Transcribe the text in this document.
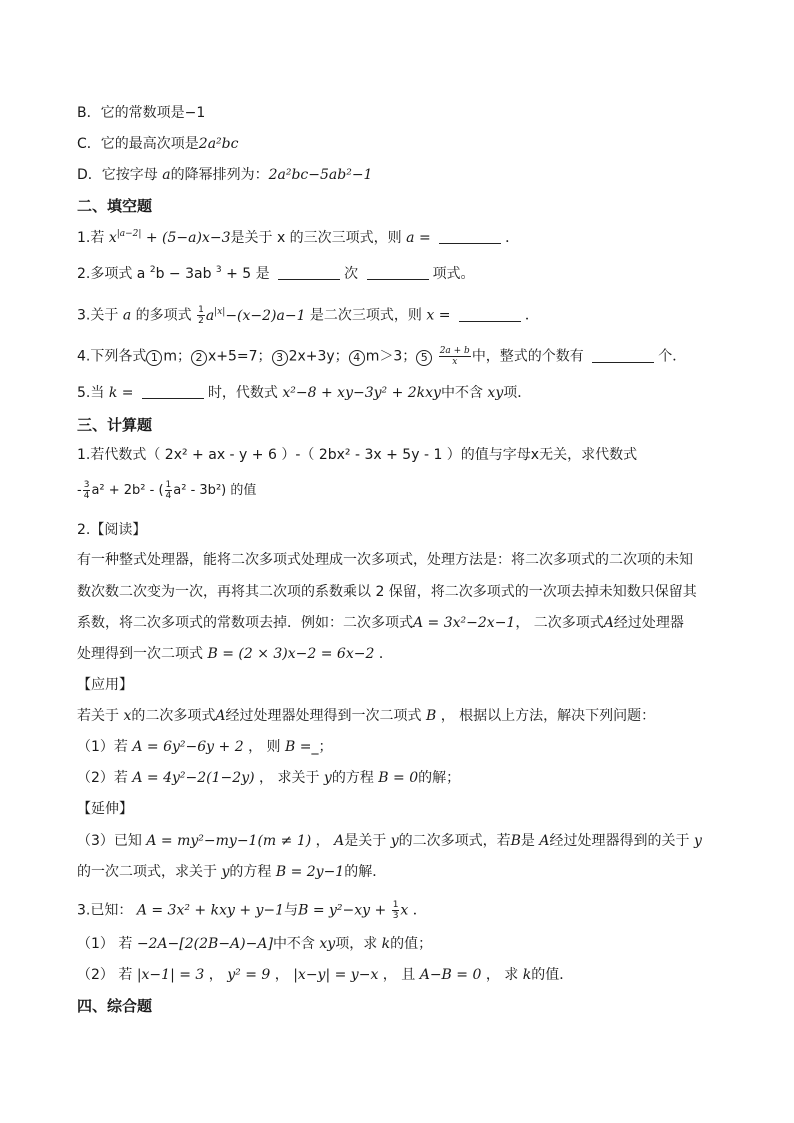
B．它的常数项是−1
C．它的最高次项是2a²bc
D．它按字母 a的降幂排列为：2a²bc−5ab²−1
二、填空题
1.若 $x^{|a-2|} + (5-a)x-3$是关于 x 的三次三项式，则 a =	．
2.多项式 a $^2$b − 3ab $^3$ + 5 是	次	项式。
3.关于 a 的多项式 $\frac{1}{2} a^{|x|}-(x-2)a-1$ 是二次三项式，则 x =	．
4.下列各式 1 m； 2 x+5=7； 3 2x+3y； 4 m＞3； $5 \frac{2a + b}{x}$ 中，整式的个数有	个．
5.当 k =	时，代数式 x²−8 + xy−3y² + 2kxy中不含 xy项．
三、计算题
1.若代数式（ 2x² + ax - y + 6 ）-（ 2bx² - 3x + 5y - 1 ）的值与字母x无关，求代数式
- $\frac{3}{4} a^2 + 2b^2$ - ( $\frac{1}{4} a^2 - 3b^2$) 的值
2.【阅读】
有一种整式处理器，能将二次多项式处理成一次多项式，处理方法是：将二次多项式的二次项的未知
数次数二次变为一次，再将其二次项的系数乘以 2 保留，将二次多项式的一次项去掉未知数只保留其
系数，将二次多项式的常数项去掉．例如：二次多项式A = 3x²−2x−1， 二次多项式A经过处理器
处理得到一次二项式 B = (2 × 3)x−2 = 6x−2 ．
【应用】
若关于 x的二次多项式A经过处理器处理得到一次二项式 B ， 根据以上方法，解决下列问题：
（1）若 A = 6y²−6y + 2 ， 则 B =_；
（2）若 A = 4y²−2(1−2y) ， 求关于 y的方程 B = 0的解；
【延伸】
（3）已知 A = my²−my−1(m ≠ 1) ， A是关于 y的二次多项式，若B是 A经过处理器得到的关于 y
的一次二项式，求关于 y的方程 B = 2y−1的解．
3.已知： A = 3x² + kxy + y−1与$B = y^2-xy + \frac{1}{3}$ x ．
（1） 若 −2A−[2(2B−A)−A]中不含 xy项，求 k的值；
（2） 若 |x−1| = 3 ， y² = 9 ， |x−y| = y−x ， 且 A−B = 0 ， 求 k的值．
四、综合题
